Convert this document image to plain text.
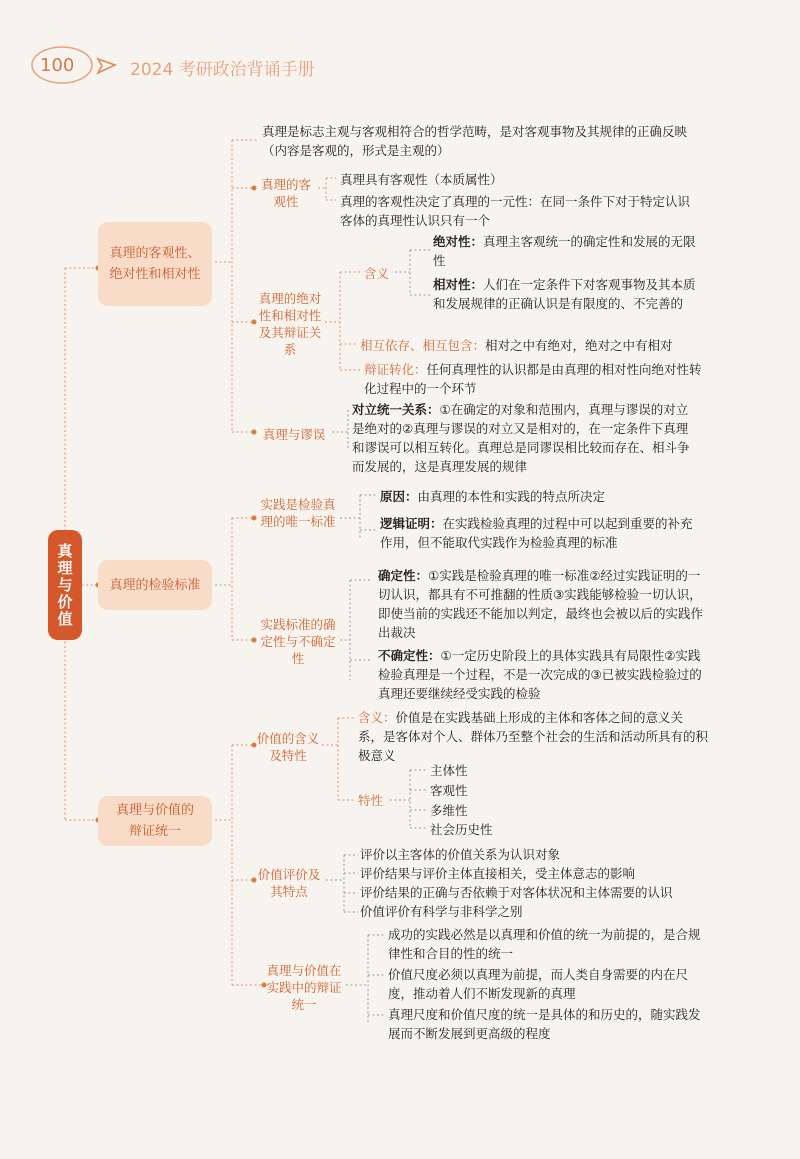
100	2024 考研政治背诵手册
真理与价值
真理的客观性、绝对性和相对性
真理是标志主观与客观相符合的哲学范畴，是对客观事物及其规律的正确反映（内容是客观的，形式是主观的）
真理的客观性
真理具有客观性（本质属性）
真理的客观性决定了真理的一元性：在同一条件下对于特定认识客体的真理性认识只有一个
真理的绝对性和相对性及其辩证关系
含义
绝对性：真理主客观统一的确定性和发展的无限性
相对性：人们在一定条件下对客观事物及其本质和发展规律的正确认识是有限度的、不完善的
相互依存、相互包含：相对之中有绝对，绝对之中有相对
辩证转化：任何真理性的认识都是由真理的相对性向绝对性转化过程中的一个环节
真理与谬误
对立统一关系：①在确定的对象和范围内，真理与谬误的对立是绝对的②真理与谬误的对立又是相对的，在一定条件下真理和谬误可以相互转化。真理总是同谬误相比较而存在、相斗争而发展的，这是真理发展的规律
真理的检验标准
实践是检验真理的唯一标准
原因：由真理的本性和实践的特点所决定
逻辑证明：在实践检验真理的过程中可以起到重要的补充作用，但不能取代实践作为检验真理的标准
实践标准的确定性与不确定性
确定性：①实践是检验真理的唯一标准②经过实践证明的一切认识，都具有不可推翻的性质③实践能够检验一切认识，即使当前的实践还不能加以判定，最终也会被以后的实践作出裁决
不确定性：①一定历史阶段上的具体实践具有局限性②实践检验真理是一个过程，不是一次完成的③已被实践检验过的真理还要继续经受实践的检验
真理与价值的辩证统一
价值的含义及特性
含义：价值是在实践基础上形成的主体和客体之间的意义关系，是客体对个人、群体乃至整个社会的生活和活动所具有的积极意义
特性
主体性
客观性
多维性
社会历史性
价值评价及其特点
评价以主客体的价值关系为认识对象
评价结果与评价主体直接相关，受主体意志的影响
评价结果的正确与否依赖于对客体状况和主体需要的认识
价值评价有科学与非科学之别
真理与价值在实践中的辩证统一
成功的实践必然是以真理和价值的统一为前提的，是合规律性和合目的性的统一
价值尺度必须以真理为前提，而人类自身需要的内在尺度，推动着人们不断发现新的真理
真理尺度和价值尺度的统一是具体的和历史的，随实践发展而不断发展到更高级的程度
